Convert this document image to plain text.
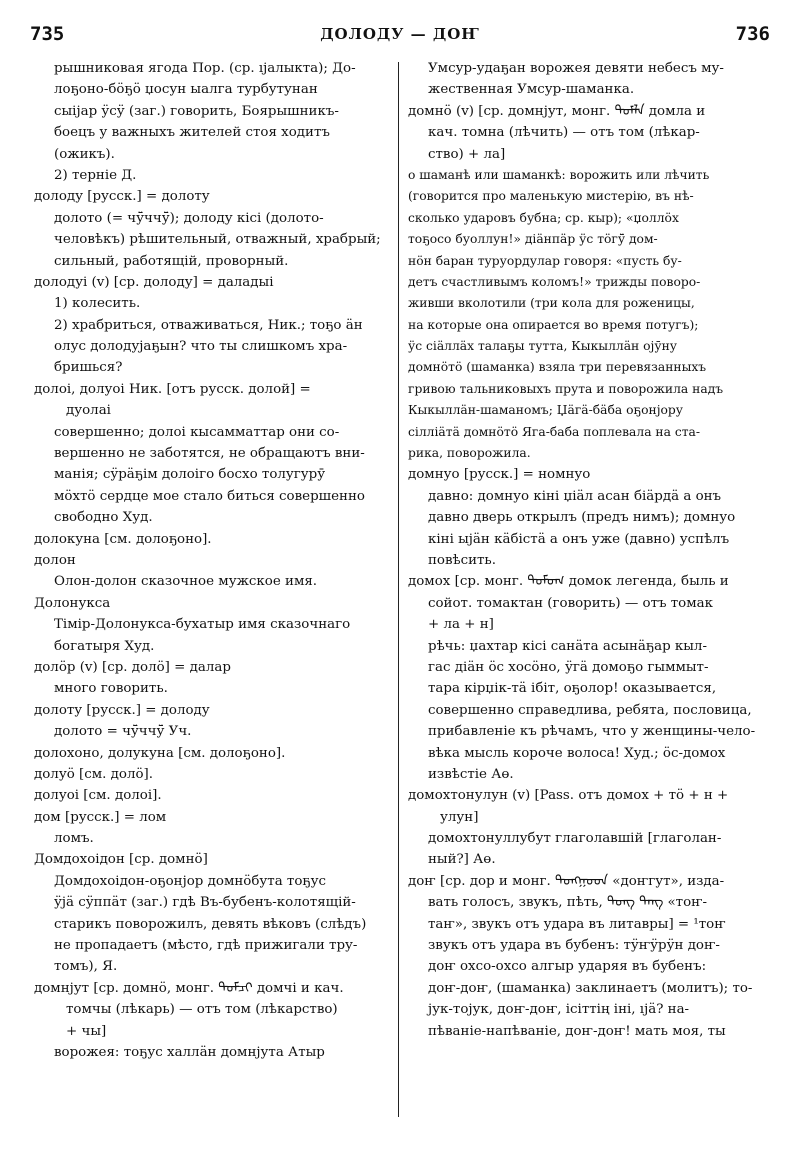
735	ДОЛОДУ — ДОҤ	736
рышниковая ягода Пор. (ср. ıjалыкта); До-
лоҕоно-бӧҕӧ џосун ыалга турбутунан
сыіјар ӱсӱ (заг.) говорить, Боярышникъ-
боецъ у важныхъ жителей стоя ходитъ
(ожикъ).
2) терніе Д.
долоду [русск.] = долоту
долото (= чӱ̄ччӱ̄); долоду кісі (долото-
человѣкъ) рѣшительный, отважный, храбрый;
сильный, работящій, проворный.
долодуі (v) [ср. долоду] = даладыі
1) колесить.
2) храбриться, отваживаться, Ник.; тоҕо ӓн
олус долодујаҕын? что ты слишкомъ хра-
бришься?
долоі, долуоі Ник. [отъ русск. долой] =
дуолаі
совершенно; долоі кысамматтар они со-
вершенно не заботятся, не обращаютъ вни-
манія; сӱрӓҕім долоіго босхо толугурӯ
мӧхтӧ сердце мое стало биться совершенно
свободно Худ.
долокуна [см. долоҕоно].
долон
Олон-долон сказочное мужское имя.
Долонукса
Тімір-Долонукса-бухатыр имя сказочнаго
богатыря Худ.
долӧр (v) [ср. долӧ] = далар
много говорить.
долоту [русск.] = долоду
долото = чӱ̄ччӱ̄ Уч.
долохоно, долукуна [см. долоҕоно].
долуӧ [см. долӧ].
долуоі [см. долоі].
дом [русск.] = лом
ломъ.
Домдохоідон [ср. домнӧ]
Домдохоідон-оҕонјор домнӧбута тоҕус
ӱјӓ сӱппӓт (заг.) гдѣ Въ-бубенъ-колотящій-
старикъ поворожилъ, девять вѣковъ (слѣдъ)
не пропадаетъ (мѣсто, гдѣ прижигали тру-
томъ), Я.
домнјут [ср. домнӧ, монг. ᠳᠣᠮᠴᠢ домчі и кач.
томчы (лѣкарь) — отъ том (лѣкарство)
+ чы]
ворожея: тоҕус халлӓн домнјута Атыр
Умсур-удаҕан ворожея девяти небесъ му-
жественная Умсур-шаманка.
домнӧ (v) [ср. домнјут, монг. ᠳᠣᠮᠯᠠ домла и
кач. томна (лѣчить) — отъ том (лѣкар-
ство) + ла]
о шаманѣ или шаманкѣ: ворожить или лѣчить
(говорится про маленькую мистерію, въ нѣ-
сколько ударовъ бубна; ср. кыр); «џоллӧх
тоҕосо буоллун!» діӓнпӓр ӱс тӧгӱ̄ дом-
нӧн баран туруордулар говоря: «пусть бу-
детъ счастливымъ коломъ!» трижды поворо-
живши вколотили (три кола для роженицы,
на которые она опирается во время потугъ);
ӱс сіӓллӓх талаҕы тутта, Кыкыллӓн ојӯну
домнӧтӧ (шаманка) взяла три перевязанныхъ
гривою тальниковыхъ прута и поворожила надъ
Кыкыллӓн-шаманомъ; Џӓгӓ-бӓба оҕонјору
сілліӓтӓ домнӧтӧ Яга-баба поплевала на ста-
рика, поворожила.
домнуо [русск.] = номнуо
давно: домнуо кіні џіӓл асан біӓрдӓ а онъ
давно дверь открылъ (предъ нимъ); домнуо
кіні ыјӓн кӓбістӓ а онъ уже (давно) успѣлъ
повѣсить.
домох [ср. монг. ᠳᠣᠮᠣᠭ домок легенда, быль и
сойот. томактан (говорить) — отъ томак
+ ла + н]
рѣчь: џахтар кісі санӓта асынӓҕар кыл-
гас діӓн ӧс хосӧно, ӱгӓ домоҕо гыммыт-
тара кірџік-тӓ ібіт, оҕолор! оказывается,
совершенно справедлива, ребята, пословица,
прибавленіе къ рѣчамъ, что у женщины-чело-
вѣка мысль короче волоса! Худ.; ӧс-домох
извѣстіе Аө.
домохтонулун (v) [Pass. отъ домох + тӧ + н +
улун]
домохтонуллубут глаголавшій [глаголан-
ный?] Аө.
доҥ [ср. дор и монг. ᠳᠣᠩᠭᠣᠳ «доҥгут», изда-
вать голосъ, звукъ, пѣть, ᠲᠣᠩ ᠲᠠᠩ «тоҥ-
таҥ», звукъ отъ удара въ литавры] = ¹тоҥ
звукъ отъ удара въ бубенъ: тӱҥӱрӱн доҥ-
доҥ охсо-охсо алгыр ударяя въ бубенъ:
доҥ-доҥ, (шаманка) заклинаетъ (молитъ); то-
јук-тојук, доҥ-доҥ, ісіттің іні, ıјӓ? на-
пѣваніе-напѣваніе, доҥ-доҥ! мать моя, ты
